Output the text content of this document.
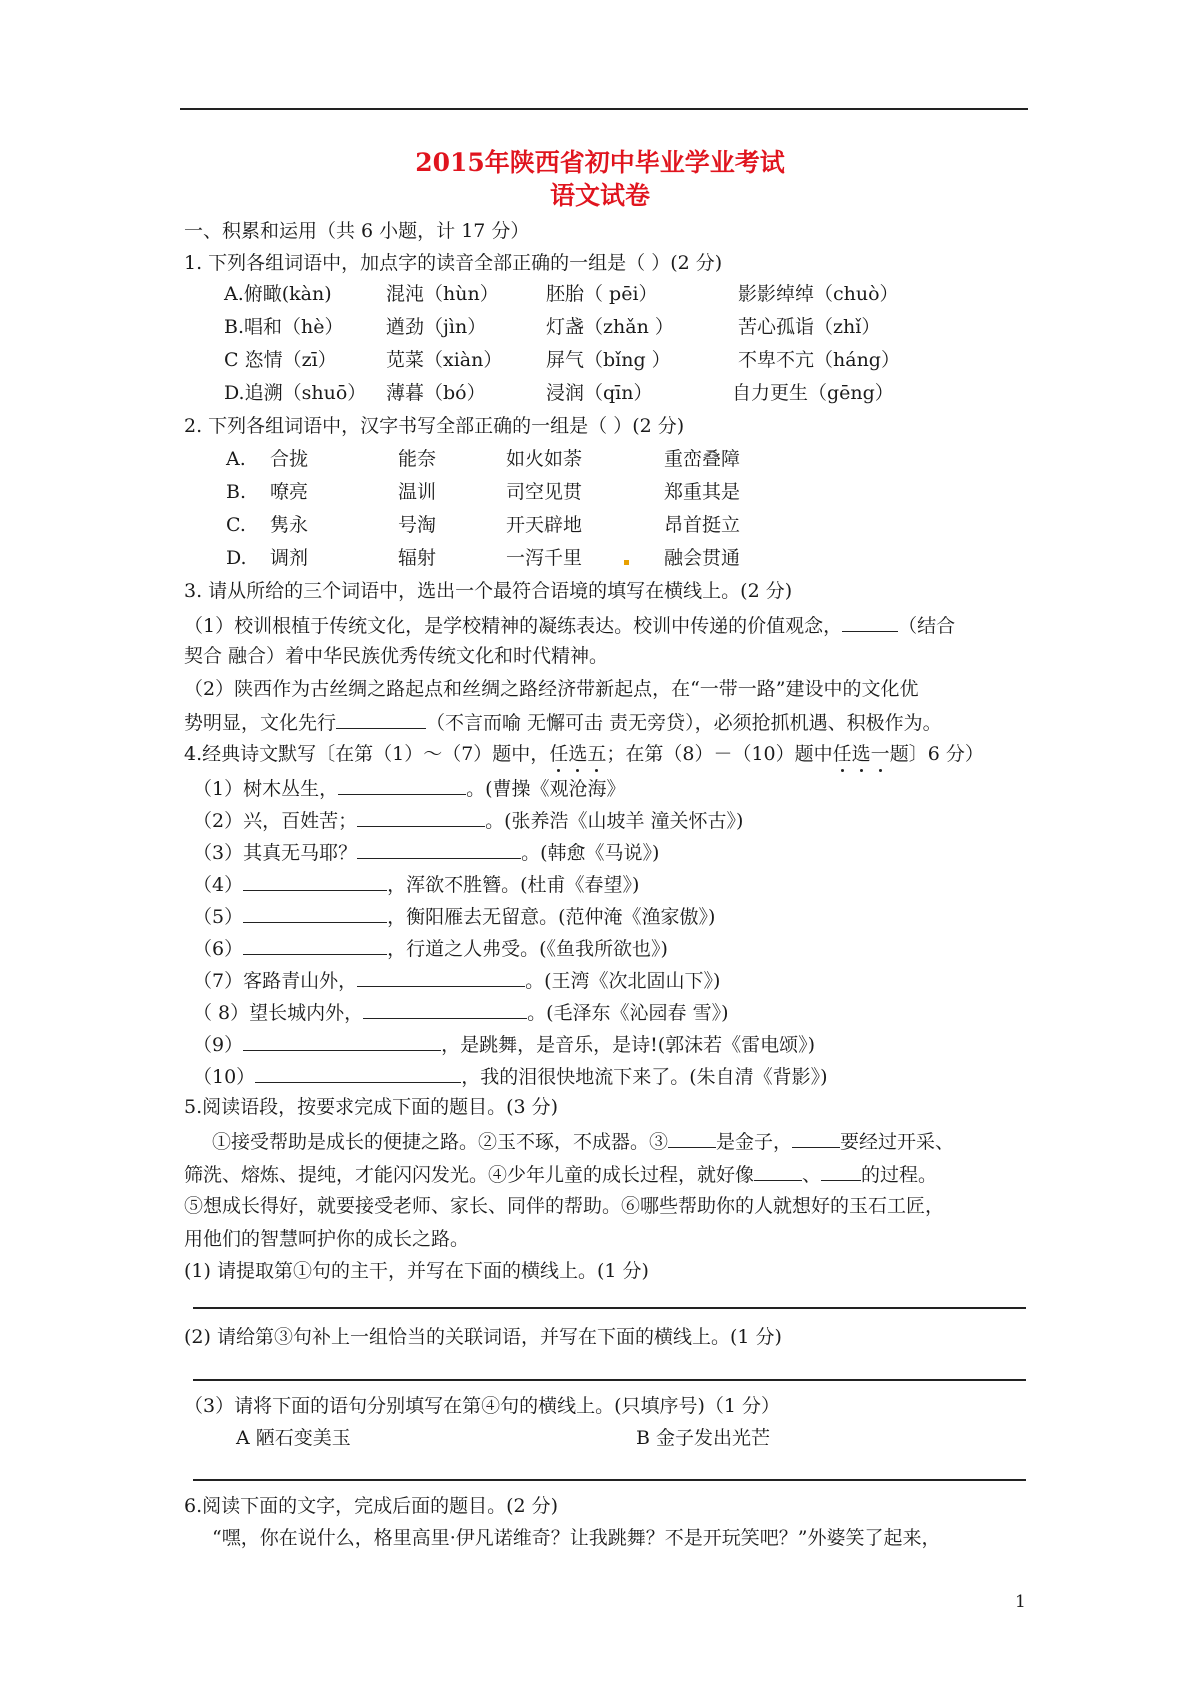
2015年陕西省初中毕业学业考试
语文试卷
一、积累和运用（共 6 小题，计 17 分）
1. 下列各组词语中，加点字的读音全部正确的一组是（ ）(2 分)
A.俯瞰(kàn)	混沌（hùn） 胚胎（ pēi）	影影绰绰（chuò）
B.唱和（hè） 遒劲（jìn）	灯盏（zhǎn ）	苦心孤诣（zhǐ）
C 恣情（zī）	苋菜（xiàn） 屏气（bǐng ）	不卑不亢（háng）
D.追溯（shuō） 薄暮（bó）	浸润（qīn）	自力更生（gēng）
2. 下列各组词语中，汉字书写全部正确的一组是（ ）(2 分)
A. 合拢	能奈	如火如荼	重峦叠障
B. 嘹亮	温训	司空见贯	郑重其是
C. 隽永	号淘	开天辟地	昂首挺立
D. 调剂	辐射	一泻千里	融会贯通
3. 请从所给的三个词语中，选出一个最符合语境的填写在横线上。(2 分)
（1）校训根植于传统文化，是学校精神的凝练表达。校训中传递的价值观念，	（结合
契合 融合）着中华民族优秀传统文化和时代精神。
（2）陕西作为古丝绸之路起点和丝绸之路经济带新起点，在“一带一路”建设中的文化优
势明显，文化先行	（不言而喻 无懈可击 责无旁贷），必须抢抓机遇、积极作为。
4.经典诗文默写〔在第（1）～（7）题中，任选五；在第（8）－（10）题中任选一题〕6 分）
（1）树木丛生，	。(曹操《观沧海》
（2）兴，百姓苦；	。(张养浩《山坡羊 潼关怀古》)
（3）其真无马耶？	。(韩愈《马说》)
（4）	，浑欲不胜簪。(杜甫《春望》)
（5）	，衡阳雁去无留意。(范仲淹《渔家傲》)
（6）	，行道之人弗受。(《鱼我所欲也》)
（7）客路青山外，	。(王湾《次北固山下》)
（ 8）望长城内外，	。(毛泽东《沁园春 雪》)
（9）	，是跳舞，是音乐，是诗!(郭沫若《雷电颂》)
（10）	，我的泪很快地流下来了。(朱自清《背影》)
5.阅读语段，按要求完成下面的题目。(3 分)
①接受帮助是成长的便捷之路。②玉不琢，不成器。③	是金子，	要经过开采、
筛洗、熔炼、提纯，才能闪闪发光。④少年儿童的成长过程，就好像	、 的过程。
⑤想成长得好，就要接受老师、家长、同伴的帮助。⑥哪些帮助你的人就想好的玉石工匠，
用他们的智慧呵护你的成长之路。
(1) 请提取第①句的主干，并写在下面的横线上。(1 分)
(2) 请给第③句补上一组恰当的关联词语，并写在下面的横线上。(1 分)
（3）请将下面的语句分别填写在第④句的横线上。(只填序号)（1 分）
A 陋石变美玉	B 金子发出光芒
6.阅读下面的文字，完成后面的题目。(2 分)
“嘿，你在说什么，格里高里·伊凡诺维奇？让我跳舞？不是开玩笑吧？”外婆笑了起来，
1
